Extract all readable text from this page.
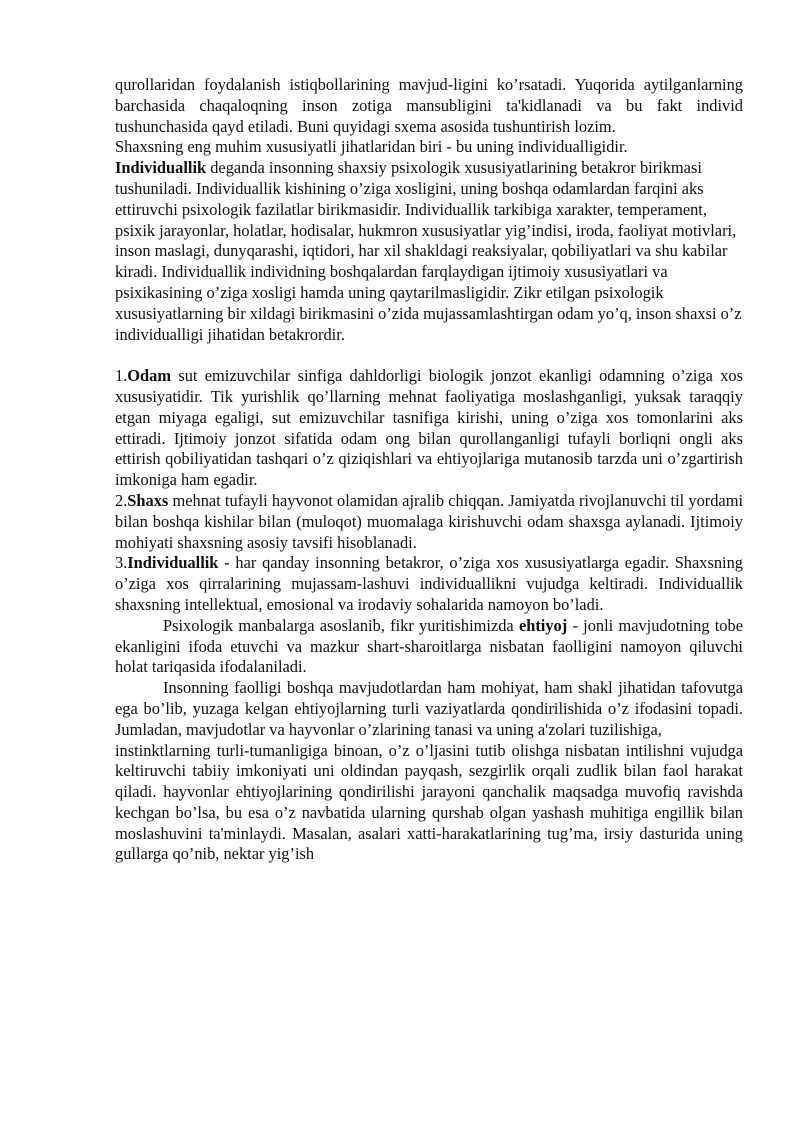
qurollaridan foydalanish istiqbollarining mavjud-ligini ko’rsatadi. Yuqorida aytilganlarning barchasida chaqaloqning inson zotiga mansubligini ta'kidlanadi va bu fakt individ tushunchasida qayd etiladi. Buni quyidagi sxema asosida tushuntirish lozim.

Shaxsning eng muhim xususiyatli jihatlaridan biri - bu uning individualligidir.

Individuallik deganda insonning shaxsiy psixologik xususiyatlarining betakror birikmasi tushuniladi. Individuallik kishining o’ziga xosligini, uning boshqa odamlardan farqini aks ettiruvchi psixologik fazilatlar birikmasidir. Individuallik tarkibiga xarakter, temperament, psixik jarayonlar, holatlar, hodisalar, hukmron xususiyatlar yig’indisi, iroda, faoliyat motivlari, inson maslagi, dunyqarashi, iqtidori, har xil shakldagi reaksiyalar, qobiliyatlari va shu kabilar kiradi. Individuallik individning boshqalardan farqlaydigan ijtimoiy xususiyatlari va psixikasining o’ziga xosligi hamda uning qaytarilmasligidir. Zikr etilgan psixologik xususiyatlarning bir xildagi birikmasini o’zida mujassamlashtirgan odam yo’q, inson shaxsi o’z individualligi jihatidan betakrordir.

1.Odam sut emizuvchilar sinfiga dahldorligi biologik jonzot ekanligi odamning o’ziga xos xususiyatidir. Tik yurishlik qo’llarning mehnat faoliyatiga moslashganligi, yuksak taraqqiy etgan miyaga egaligi, sut emizuvchilar tasnifiga kirishi, uning o’ziga xos tomonlarini aks ettiradi. Ijtimoiy jonzot sifatida odam ong bilan qurollanganligi tufayli borliqni ongli aks ettirish qobiliyatidan tashqari o’z qiziqishlari va ehtiyojlariga mutanosib tarzda uni o’zgartirish imkoniga ham egadir.

2.Shaxs mehnat tufayli hayvonot olamidan ajralib chiqqan. Jamiyatda rivojlanuvchi til yordami bilan boshqa kishilar bilan (muloqot) muomalaga kirishuvchi odam shaxsga aylanadi. Ijtimoiy mohiyati shaxsning asosiy tavsifi hisoblanadi.

3.Individuallik - har qanday insonning betakror, o’ziga xos xususiyatlarga egadir. Shaxsning o’ziga xos qirralarining mujassam-lashuvi individuallikni vujudga keltiradi. Individuallik shaxsning intellektual, emosional va irodaviy sohalarida namoyon bo’ladi.

Psixologik manbalarga asoslanib, fikr yuritishimizda ehtiyoj - jonli mavjudotning tobe ekanligini ifoda etuvchi va mazkur shart-sharoitlarga nisbatan faolligini namoyon qiluvchi holat tariqasida ifodalaniladi.

Insonning faolligi boshqa mavjudotlardan ham mohiyat, ham shakl jihatidan tafovutga ega bo’lib, yuzaga kelgan ehtiyojlarning turli vaziyatlarda qondirilishida o’z ifodasini topadi. Jumladan, mavjudotlar va hayvonlar o’zlarining tanasi va uning a'zolari tuzilishiga,

instinktlarning turli-tumanligiga binoan, o’z o’ljasini tutib olishga nisbatan intilishni vujudga keltiruvchi tabiiy imkoniyati uni oldindan payqash, sezgirlik orqali zudlik bilan faol harakat qiladi. hayvonlar ehtiyojlarining qondirilishi jarayoni qanchalik maqsadga muvofiq ravishda kechgan bo’lsa, bu esa o’z navbatida ularning qurshab olgan yashash muhitiga engillik bilan moslashuvini ta'minlaydi. Masalan, asalari xatti-harakatlarining tug’ma, irsiy dasturida uning gullarga qo’nib, nektar yig’ish
